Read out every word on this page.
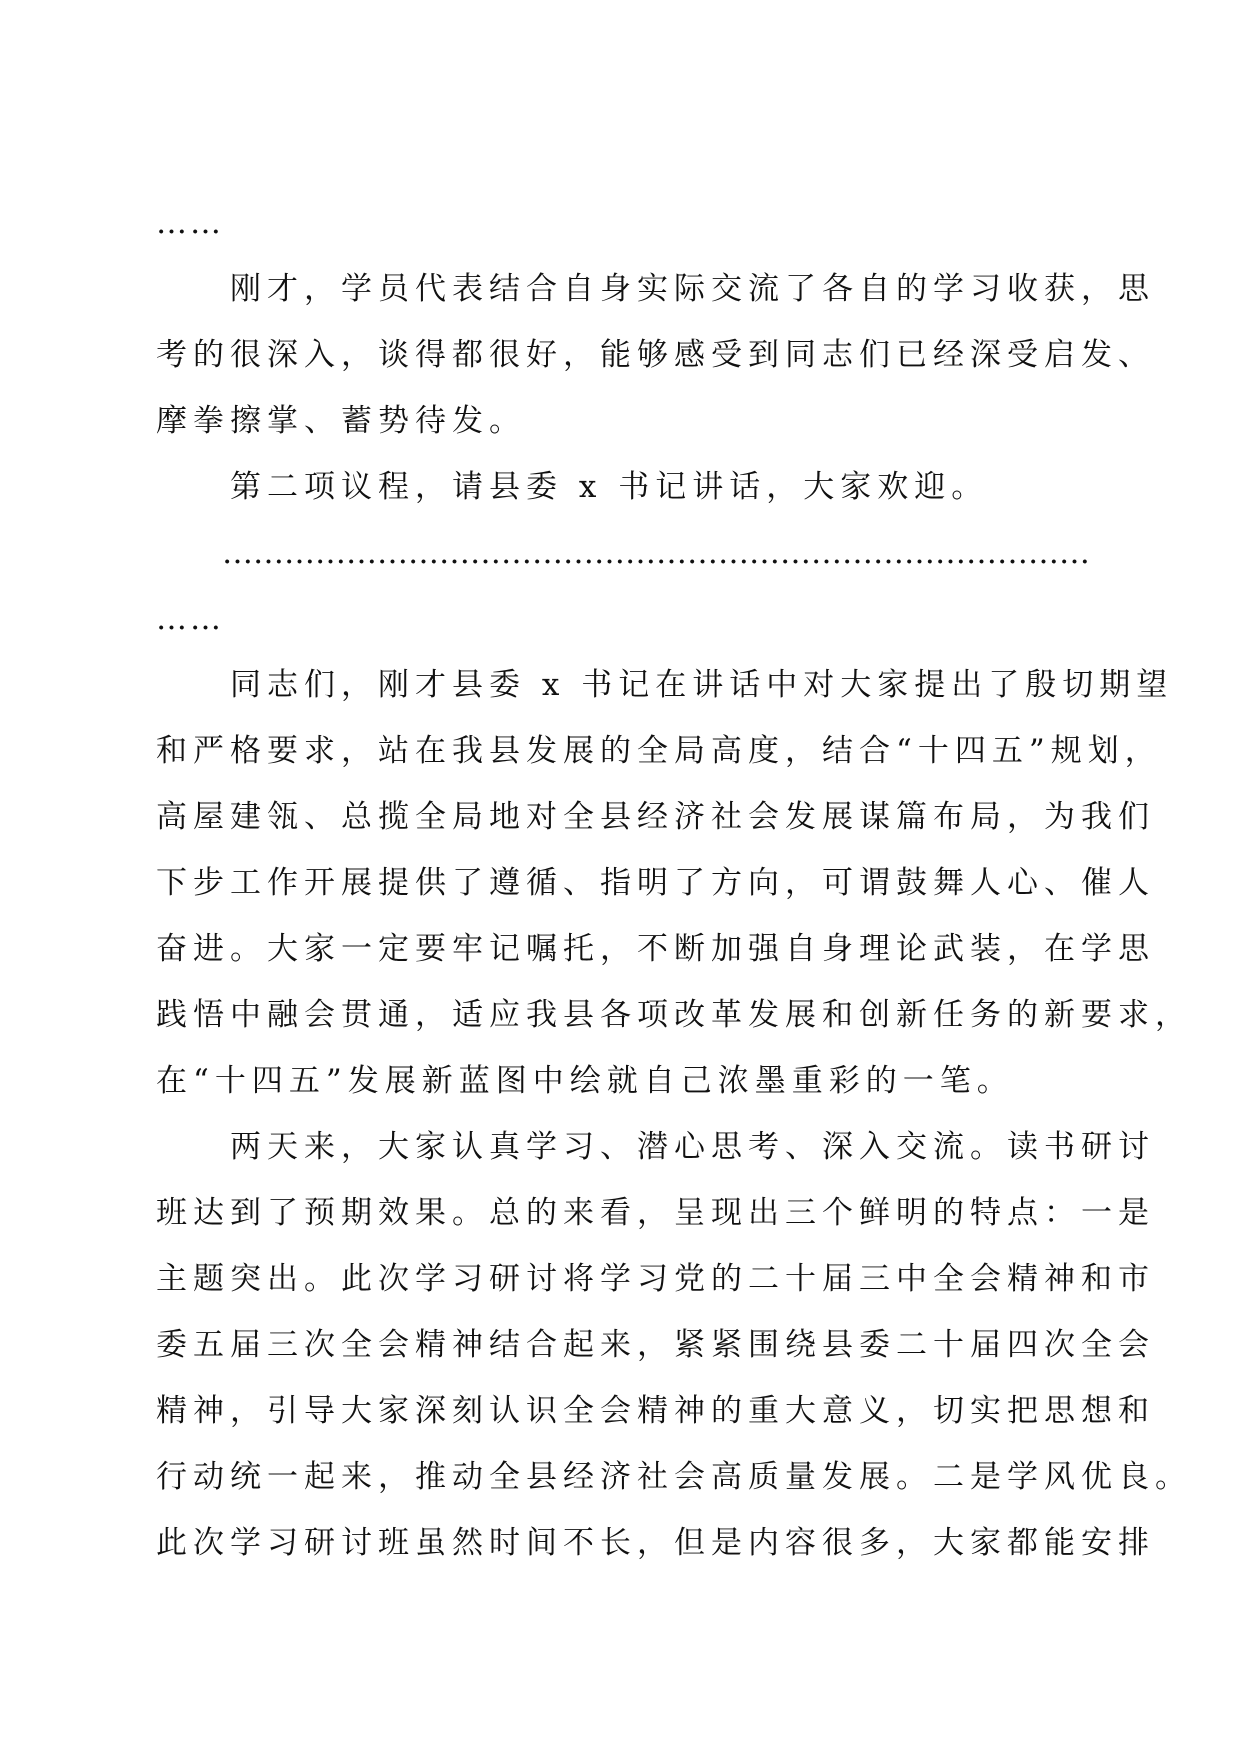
……
　　刚才，学员代表结合自身实际交流了各自的学习收获，思
考的很深入，谈得都很好，能够感受到同志们已经深受启发、
摩拳擦掌、蓄势待发。
　　第二项议程，请县委 x 书记讲话，大家欢迎。
…………………………………………………………………………
……
　　同志们，刚才县委 x 书记在讲话中对大家提出了殷切期望
和严格要求，站在我县发展的全局高度，结合“十四五”规划，
高屋建瓴、总揽全局地对全县经济社会发展谋篇布局，为我们
下步工作开展提供了遵循、指明了方向，可谓鼓舞人心、催人
奋进。大家一定要牢记嘱托，不断加强自身理论武装，在学思
践悟中融会贯通，适应我县各项改革发展和创新任务的新要求，
在“十四五”发展新蓝图中绘就自己浓墨重彩的一笔。
　　两天来，大家认真学习、潜心思考、深入交流。读书研讨
班达到了预期效果。总的来看，呈现出三个鲜明的特点：一是
主题突出。此次学习研讨将学习党的二十届三中全会精神和市
委五届三次全会精神结合起来，紧紧围绕县委二十届四次全会
精神，引导大家深刻认识全会精神的重大意义，切实把思想和
行动统一起来，推动全县经济社会高质量发展。二是学风优良。
此次学习研讨班虽然时间不长，但是内容很多，大家都能安排
